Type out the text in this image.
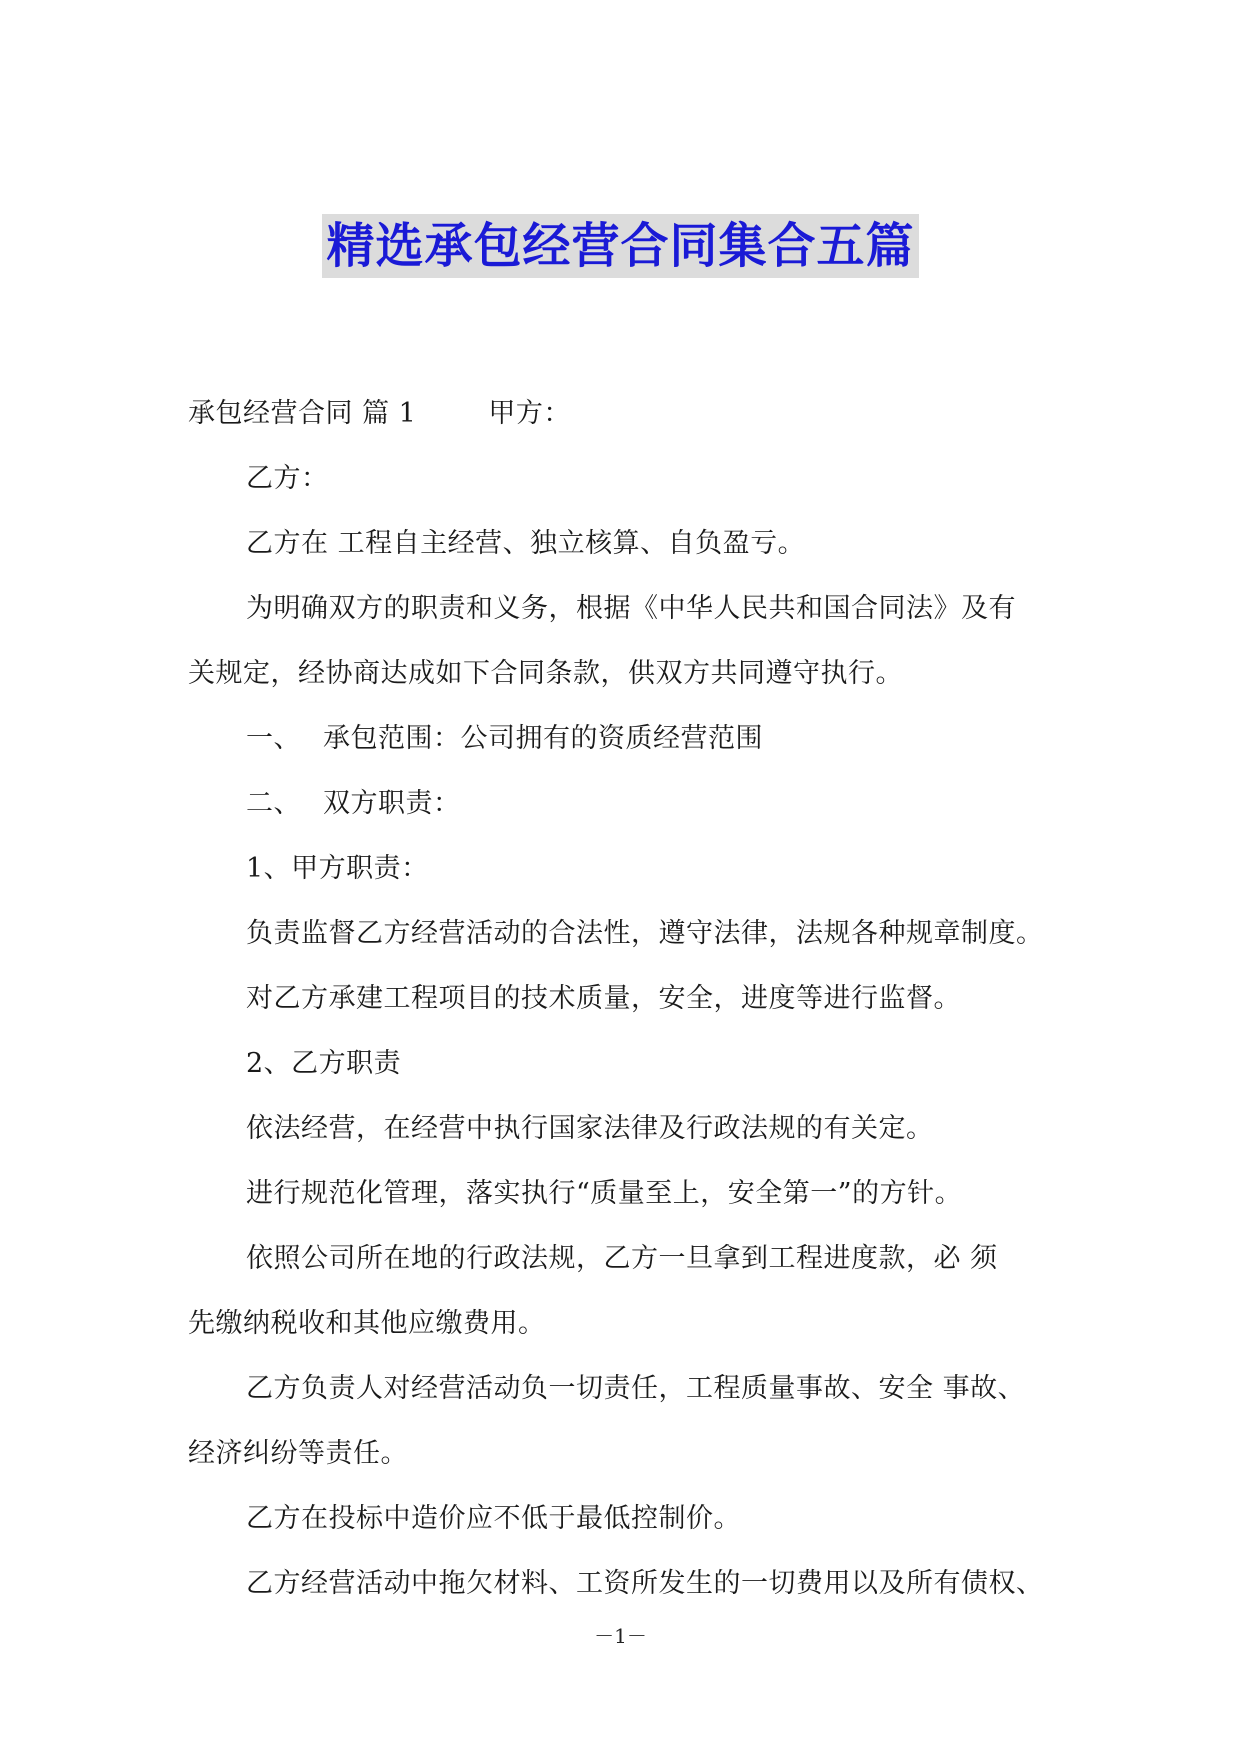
精选承包经营合同集合五篇

承包经营合同 篇 1	甲方：

乙方：

乙方在 工程自主经营、独立核算、自负盈亏。

为明确双方的职责和义务，根据《中华人民共和国合同法》及有

关规定，经协商达成如下合同条款，供双方共同遵守执行。

一、 承包范围：公司拥有的资质经营范围

二、 双方职责：

1、甲方职责：

负责监督乙方经营活动的合法性，遵守法律，法规各种规章制度。

对乙方承建工程项目的技术质量，安全，进度等进行监督。

2、乙方职责

依法经营，在经营中执行国家法律及行政法规的有关定。

进行规范化管理，落实执行“质量至上，安全第一”的方针。

依照公司所在地的行政法规，乙方一旦拿到工程进度款，必 须

先缴纳税收和其他应缴费用。

乙方负责人对经营活动负一切责任，工程质量事故、安全 事故、

经济纠纷等责任。

乙方在投标中造价应不低于最低控制价。

乙方经营活动中拖欠材料、工资所发生的一切费用以及所有债权、

－1－
